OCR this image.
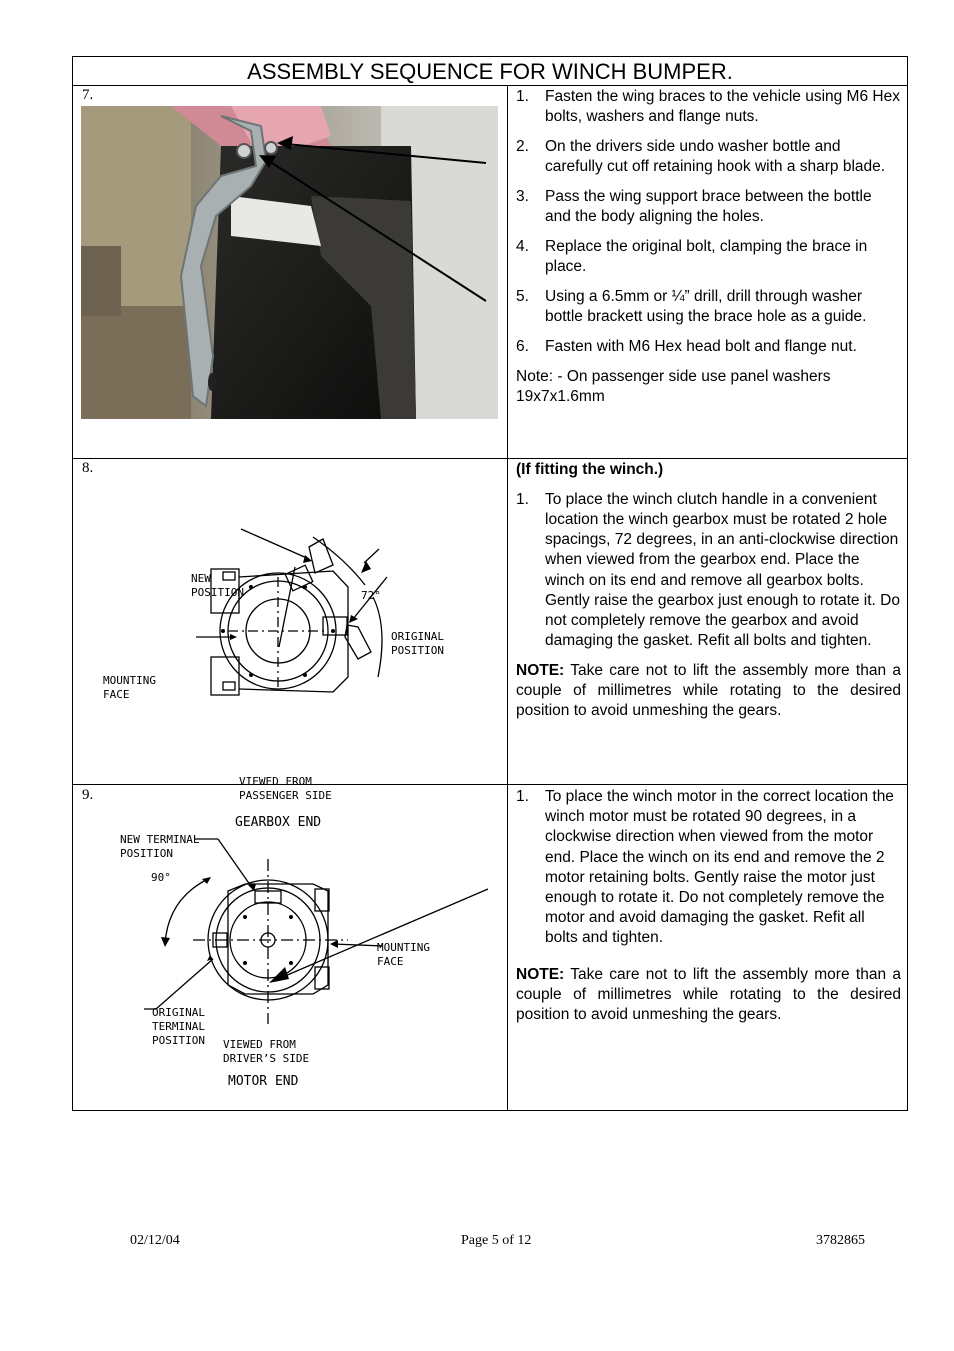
ASSEMBLY SEQUENCE FOR WINCH BUMPER.
7.	1. Fasten the wing braces to the vehicle using M6 Hex bolts, washers and flange nuts.
2. On the drivers side undo washer bottle and carefully cut off retaining hook with a sharp blade.
3. Pass the wing support brace between the bottle and the body aligning the holes.
4. Replace the original bolt, clamping the brace in place.
5. Using a 6.5mm or ¼” drill, drill through washer bottle brackett using the brace hole as a guide.
6. Fasten with M6 Hex head bolt and flange nut.

Note: - On passenger side use panel washers 19x7x1.6mm

8.
NEW
POSITION	72°
ORIGINAL
POSITION
MOUNTING
FACE
VIEWED FROM
PASSENGER SIDE
GEARBOX END

(If fitting the winch.)

1. To place the winch clutch handle in a convenient location the winch gearbox must be rotated 2 hole spacings, 72 degrees, in an anti-clockwise direction when viewed from the gearbox end. Place the winch on its end and remove all gearbox bolts. Gently raise the gearbox just enough to rotate it. Do not completely remove the gearbox and avoid damaging the gasket. Refit all bolts and tighten.

NOTE: Take care not to lift the assembly more than a couple of millimetres while rotating to the desired position to avoid unmeshing the gears.

9.
NEW TERMINAL
POSITION
90°
MOUNTING
FACE
ORIGINAL
TERMINAL
POSITION VIEWED FROM
DRIVER’S SIDE
MOTOR END
1. To place the winch motor in the correct location the winch motor must be rotated 90 degrees, in a clockwise direction when viewed from the motor end. Place the winch on its end and remove the 2 motor retaining bolts. Gently raise the motor just enough to rotate it. Do not completely remove the motor and avoid damaging the gasket. Refit all bolts and tighten.

NOTE: Take care not to lift the assembly more than a couple of millimetres while rotating to the desired position to avoid unmeshing the gears.

02/12/04	Page 5 of 12	3782865
